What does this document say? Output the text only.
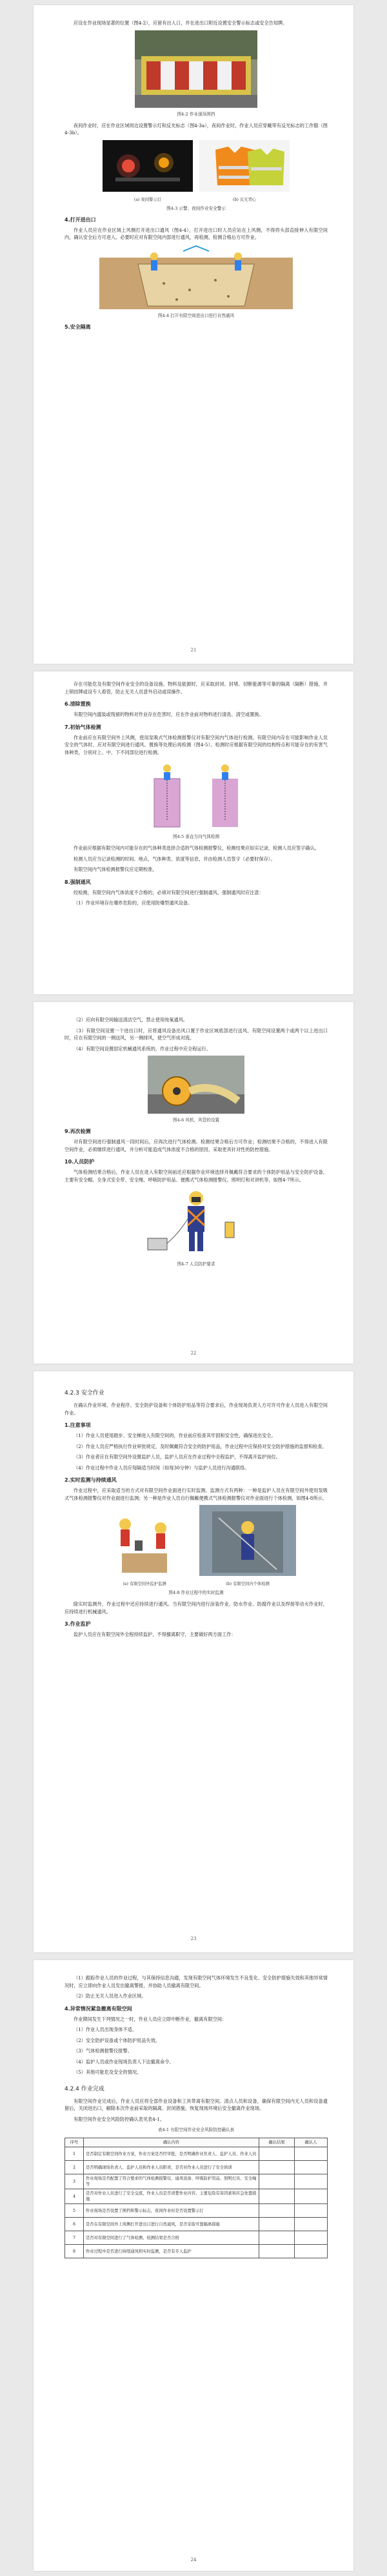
应设在作业现场显著的位置（图4-2），应留有出入口，并在进出口附近设置安全警示标志或安全告知牌。

图4-2 作业现场围挡

夜间作业时，应在作业区域周边设置警示灯和反光标志（图4-3a），夜间作业时，作业人员应穿戴带有反光标志的工作服（图4-3b）。

(a) 夜间警示灯	(b) 反光背心
图4-3 示警、夜间作业安全警示
4.打开进出口

作业人员应在作业区域上风侧打开进出口通风（图4-4），打开进出口时人员应站在上风侧，不得将头部直接伸入有限空间内，确认安全后方可进入。必要时应对有限空间内部进行通风，再检测，检测合格后方可作业。

图4-4 打开有限空间进出口进行自然通风
5.安全隔离
21

存在可能危及有限空间作业安全的设备设施、物料及能源时，应采取封闭、封堵、切断能源等可靠的隔离（隔断）措施，并上锁挂牌或设专人看管，防止无关人员意外启动或误操作。

6.清除置换

有限空间内盛装或残留的物料对作业存在危害时，应在作业前对物料进行清洗、清空或置换。

7.初始气体检测

作业前应在有限空间外上风侧，使用泵吸式气体检测报警仪对有限空间内气体进行检测。有限空间内存在可能影响作业人员安全的气体时，应对有限空间进行通风、置换等处理后再检测（图4-5）。检测时应根据有限空间的结构特点和可能存在的有害气体种类，分别对上、中、下不同部位进行检测。

图4-5 垂直方向气体检测

作业前应根据有限空间内可能存在的气体种类选择合适的气体检测报警仪，检测结果应如实记录，检测人员应签字确认。

检测人员应当记录检测的时间、地点、气体种类、浓度等信息，并由检测人员签字（必要时保存）。

有限空间内气体检测报警仪应定期校准，

8.强制通风

经检测，有限空间内气体浓度不合格的，必须对有限空间进行强制通风。强制通风时应注意：

（1）作业环境存在爆炸危险的，应使用防爆型通风设备。

（2）应向有限空间输送清洁空气，禁止使用纯氧通风。

（3）有限空间设置一个进出口时，应将通风设备出风口置于作业区域底部进行送风。有限空间设置两个或两个以上进出口时，应在有限空间的一侧送风，另一侧排风，使空气形成对流。

（4）有限空间设置固定机械通风系统的，作业过程中应全程运行。

图4-6 风机、风管的设置
9.再次检测

对有限空间进行强制通风一段时间后，应再次进行气体检测。检测结果合格后方可作业；检测结果不合格的，不得进入有限空间作业，必须继续进行通风，并分析可能造成气体浓度不合格的原因，采取更具针对性的防控措施。

10.人员防护

气体检测结果合格后，作业人员在进入有限空间前还应根据作业环境选择并佩戴符合要求的个体防护用品与安全防护设备，主要有安全帽、全身式安全带、安全绳、呼吸防护用品、便携式气体检测报警仪、照明灯和对讲机等，如图4-7所示。

图4-7 人员防护要求
22
4.2.3 安全作业

在确认作业环境、作业程序、安全防护设备和个体防护用品等符合要求后，作业现场负责人方可许可作业人员进入有限空间作业。

1.注意事项

（1）作业人员使用踏步、安全梯进入有限空间的，作业前应检查其牢固和安全性，确保进出安全。

（2）作业人员应严格执行作业审批规定，及时佩戴符合安全的防护用品，作业过程中应保持对安全防护措施的监督和检查。

（3）作业者应在有限空间外设置监护人员，监护人员应在作业过程中全程监护，不得离开监护岗位。

（4）作业过程中作业人员应每隔适当时间（如每30分钟）与监护人员进行沟通联络。

2.实时监测与持续通风

作业过程中，应采取适当的方式对有限空间作业面进行实时监测。监测方式有两种：一种是监护人员在有限空间外使用泵吸式气体检测报警仪对作业面进行监测；另一种是作业人员自行佩戴便携式气体检测报警仪对作业面进行个体检测，如图4-8所示。

(a) 有限空间外监护监测	(b) 有限空间内个体检测
图4-8 作业过程中的实时监测

除实时监测外，作业过程中还应持续进行通风。当有限空间内进行涂装作业、防水作业、防腐作业以及焊接等动火作业时，应持续进行机械通风。

3.作业监护

监护人员应在有限空间外全程持续监护，不得擅离职守，主要做好两方面工作：

23

（1）跟踪作业人员的作业过程，与其保持信息沟通，发现有限空间气体环境发生不良变化、安全防护措施失效和其他异常情况时，应立即向作业人员发出撤离警报，并协助人员撤离有限空间。

（2）防止无关人员进入作业区域。

4.异常情况紧急撤离有限空间

作业期间发生下列情况之一时，作业人员应立即中断作业，撤离有限空间：

（1）作业人员出现身体不适。

（2）安全防护设备或个体防护用品失效。

（3）气体检测报警仪报警。

（4）监护人员或作业现场负责人下达撤离命令。

（5）其他可能危及安全的情况。

4.2.4 作业完成

有限空间作业完成后，作业人员应将全部作业设备和工具带离有限空间。清点人员和设备，确保有限空间内无人员和设备遗留后，关闭进出口，解除本次作业前采取的隔离、封闭措施，恢复现场环境后安全撤离作业现场。

有限空间作业安全风险防控确认表见表4-1。

表4-1 有限空间作业安全风险防控确认表
序号	确认内容	确认结果	确认人
1	是否制定有限空间作业方案，作业方案是否经审批，是否明确作业负责人、监护人员、作业人员		
2	是否明确现场负责人、监护人员和作业人员职责，是否对作业人员进行了安全培训		
3	作业现场是否配置了符合要求的气体检测报警仪、通风设备、呼吸防护用品、照明灯具、安全绳等		
4	是否对作业人员进行了安全交底，作业人员是否清楚作业内容、主要危险有害因素和应急处置措施		
5	作业现场是否设置了围挡和警示标志，夜间作业时是否设置警示灯		
6	是否在有限空间外上风侧打开进出口进行自然通风，是否采取可靠隔离措施		
7	是否对有限空间进行了气体检测，检测结果是否合格		
8	作业过程中是否进行持续通风和实时监测，是否有专人监护		
24
